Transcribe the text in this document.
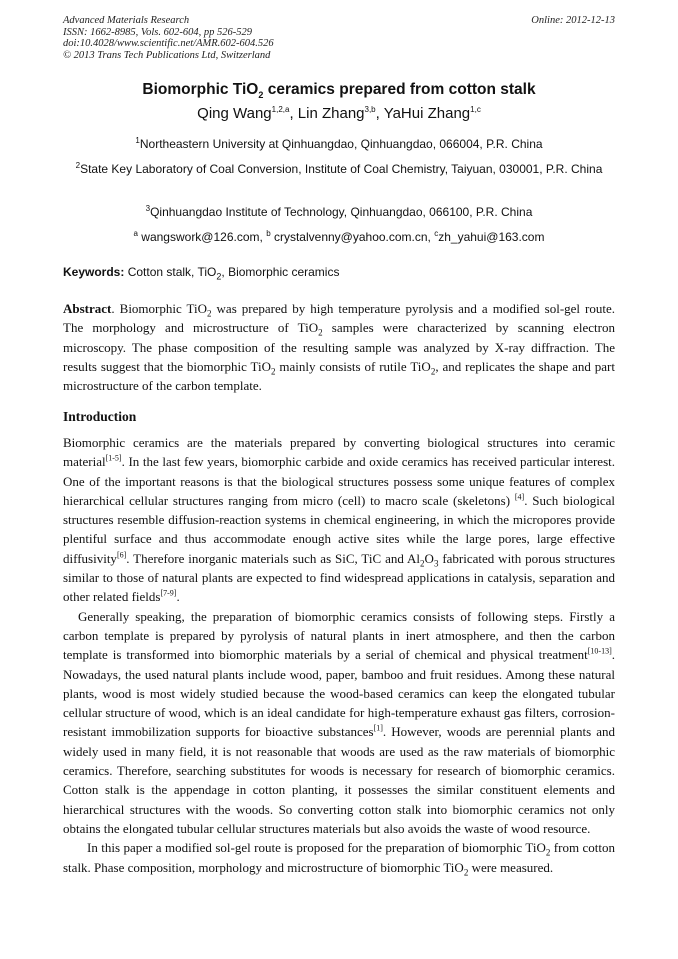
Advanced Materials Research
ISSN: 1662-8985, Vols. 602-604, pp 526-529
doi:10.4028/www.scientific.net/AMR.602-604.526
© 2013 Trans Tech Publications Ltd, Switzerland
Online: 2012-12-13
Biomorphic TiO$_2$ ceramics prepared from cotton stalk
Qing Wang$^{1,2,a}$, Lin Zhang$^{3,b}$, YaHui Zhang$^{1,c}$
$^1$Northeastern University at Qinhuangdao, Qinhuangdao, 066004, P.R. China
$^2$State Key Laboratory of Coal Conversion, Institute of Coal Chemistry, Taiyuan, 030001, P.R. China
$^3$Qinhuangdao Institute of Technology, Qinhuangdao, 066100, P.R. China
$^a$ wangswork@126.com, $^b$ crystalvenny@yahoo.com.cn, $^c$zh_yahui@163.com
Keywords: Cotton stalk, TiO$_2$, Biomorphic ceramics

Abstract. Biomorphic TiO$_2$ was prepared by high temperature pyrolysis and a modified sol-gel route. The morphology and microstructure of TiO$_2$ samples were characterized by scanning electron microscopy. The phase composition of the resulting sample was analyzed by X-ray diffraction. The results suggest that the biomorphic TiO$_2$ mainly consists of rutile TiO$_2$, and replicates the shape and part microstructure of the carbon template.

Introduction

Biomorphic ceramics are the materials prepared by converting biological structures into ceramic material[1-5]. In the last few years, biomorphic carbide and oxide ceramics has received particular interest. One of the important reasons is that the biological structures possess some unique features of complex hierarchical cellular structures ranging from micro (cell) to macro scale (skeletons) [4]. Such biological structures resemble diffusion-reaction systems in chemical engineering, in which the micropores provide plentiful surface and thus accommodate enough active sites while the large pores, large effective diffusivity[6]. Therefore inorganic materials such as SiC, TiC and $Al_2O_3$ fabricated with porous structures similar to those of natural plants are expected to find widespread applications in catalysis, separation and other related fields[7-9].

Generally speaking, the preparation of biomorphic ceramics consists of following steps. Firstly a carbon template is prepared by pyrolysis of natural plants in inert atmosphere, and then the carbon template is transformed into biomorphic materials by a serial of chemical and physical treatment[10-13]. Nowadays, the used natural plants include wood, paper, bamboo and fruit residues. Among these natural plants, wood is most widely studied because the wood-based ceramics can keep the elongated tubular cellular structure of wood, which is an ideal candidate for high-temperature exhaust gas filters, corrosion-resistant immobilization supports for bioactive substances[1]. However, woods are perennial plants and widely used in many field, it is not reasonable that woods are used as the raw materials of biomorphic ceramics. Therefore, searching substitutes for woods is necessary for research of biomorphic ceramics. Cotton stalk is the appendage in cotton planting, it possesses the similar constituent elements and hierarchical structures with the woods. So converting cotton stalk into biomorphic ceramics not only obtains the elongated tubular cellular structures materials but also avoids the waste of wood resource.

In this paper a modified sol-gel route is proposed for the preparation of biomorphic TiO$_2$ from cotton stalk. Phase composition, morphology and microstructure of biomorphic TiO$_2$ were measured.
